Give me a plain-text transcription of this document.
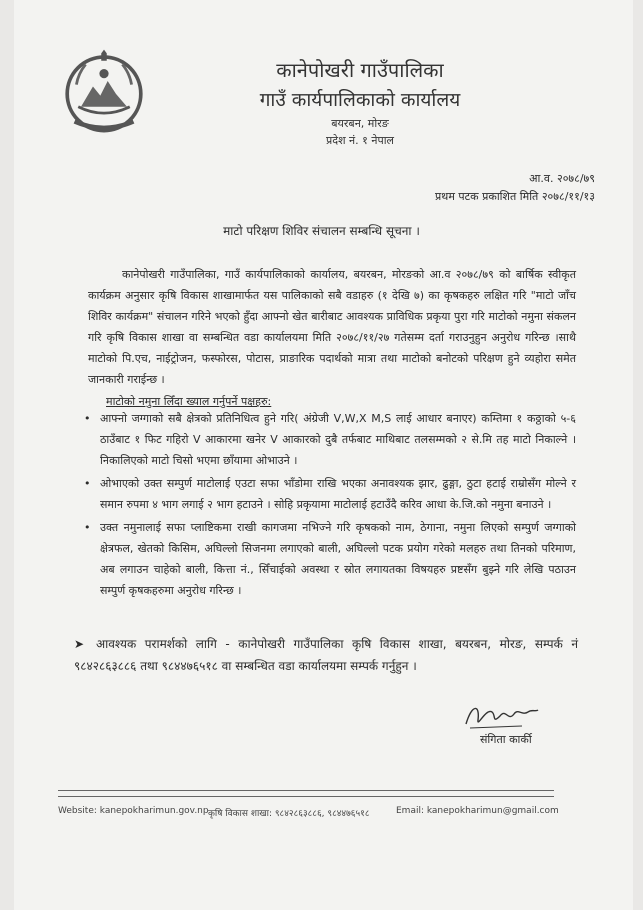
कानेपोखरी गाउँपालिका
गाउँ कार्यपालिकाको कार्यालय
बयरबन, मोरङ
प्रदेश नं. १ नेपाल
आ.व. २०७८/७९
प्रथम पटक प्रकाशित मिति २०७८/११/१३
माटो परिक्षण शिविर संचालन सम्बन्धि सूचना ।

कानेपोखरी गाउँपालिका, गाउँ कार्यपालिकाको कार्यालय, बयरबन, मोरङको आ.व २०७८/७९ को बार्षिक स्वीकृत कार्यक्रम अनुसार कृषि विकास शाखामार्फत यस पालिकाको सबै वडाहरु (१ देखि ७) का कृषकहरु लक्षित गरि "माटो जाँच शिविर कार्यक्रम" संचालन गरिने भएको हुँदा आफ्नो खेत बारीबाट आवश्यक प्राविधिक प्रकृया पुरा गरि माटोको नमुना संकलन गरि कृषि विकास शाखा वा सम्बन्धित वडा कार्यालयमा मिति २०७८/११/२७ गतेसम्म दर्ता गराउनुहुन अनुरोध गरिन्छ ।साथै माटोको पि.एच, नाईट्रोजन, फस्फोरस, पोटास, प्राङारिक पदार्थको मात्रा तथा माटोको बनोटको परिक्षण हुने व्यहोरा समेत जानकारी गराईन्छ ।

माटोको नमुना लिँदा ख्याल गर्नुपर्ने पक्षहरु:
• आफ्नो जग्गाको सबै क्षेत्रको प्रतिनिधित्व हुने गरि( अंग्रेजी V,W,X M,S लाई आधार बनाएर) कम्तिमा १ कठ्ठाको ५-६ ठाउँबाट १ फिट गहिरो V आकारमा खनेर V आकारको दुबै तर्फबाट माथिबाट तलसम्मको २ से.मि तह माटो निकाल्ने । निकालिएको माटो चिसो भएमा छाँयामा ओभाउने ।
• ओभाएको उक्त सम्पुर्ण माटोलाई एउटा सफा भाँडोमा राखि भएका अनावश्यक झार, ढुङ्गा, ठुटा हटाई राम्रोसँग मोल्ने र समान रुपमा ४ भाग लगाई २ भाग हटाउने । सोहि प्रकृयामा माटोलाई हटाउँदै करिव आधा के.जि.को नमुना बनाउने ।
• उक्त नमुनालाई सफा प्लाष्टिकमा राखी कागजमा नभिज्ने गरि कृषकको नाम, ठेगाना, नमुना लिएको सम्पुर्ण जग्गाको क्षेत्रफल, खेतको किसिम, अघिल्लो सिजनमा लगाएको बाली, अघिल्लो पटक प्रयोग गरेको मलहरु तथा तिनको परिमाण, अब लगाउन चाहेको बाली, कित्ता नं., सिँचाईको अवस्था र स्रोत लगायतका विषयहरु प्रष्टसँग बुझ्ने गरि लेखि पठाउन सम्पुर्ण कृषकहरुमा अनुरोध गरिन्छ ।
➤ आवश्यक परामर्शको लागि - कानेपोखरी गाउँपालिका कृषि विकास शाखा, बयरबन, मोरङ, सम्पर्क नं ९८४२८६३८८६ तथा ९८४४७६५१८ वा सम्बन्धित वडा कार्यालयमा सम्पर्क गर्नुहुन ।
संगिता कार्की
Website: kanepokharimun.gov.np कृषि विकास शाखा: ९८४२८६३८८६, ९८४४७६५१८	Email: kanepokharimun@gmail.com
